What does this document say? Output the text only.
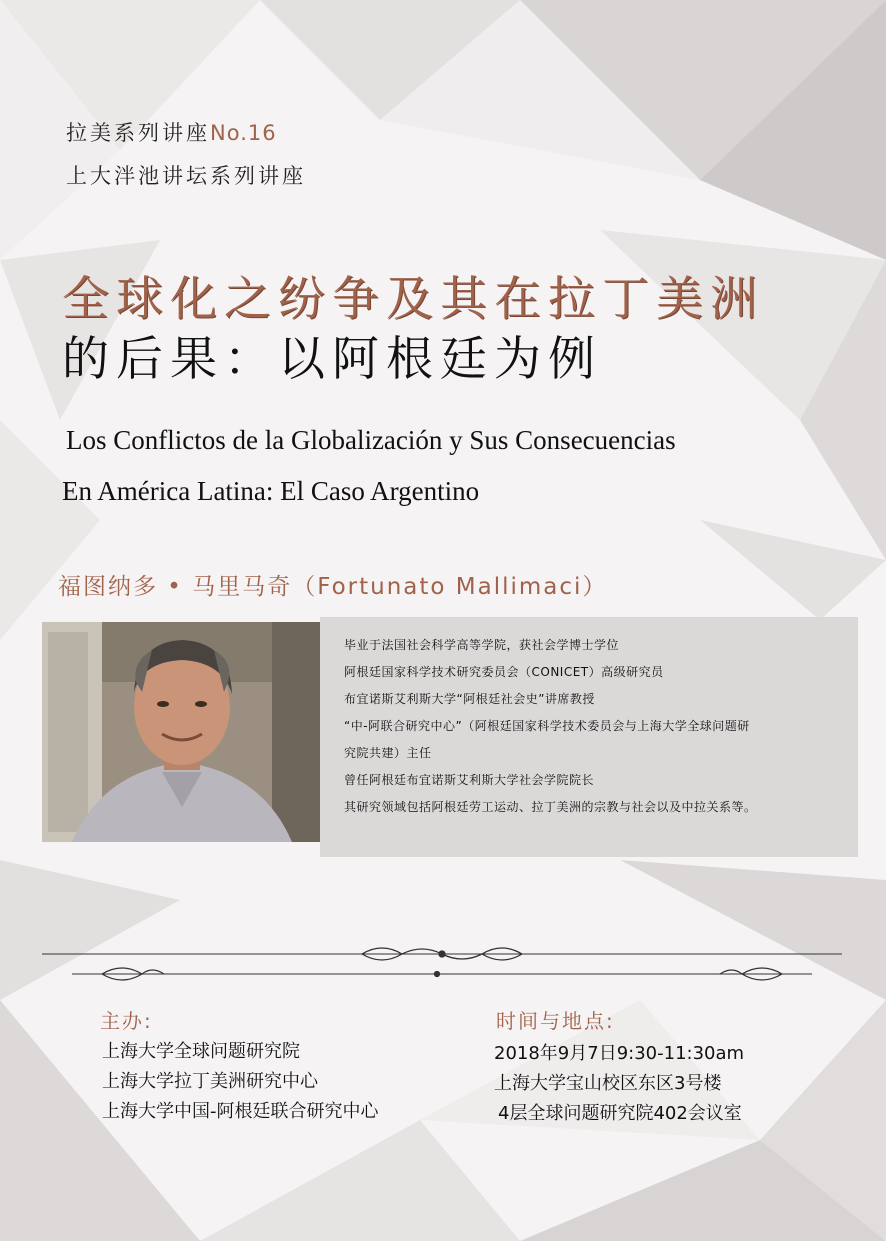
拉美系列讲座No.16
上大泮池讲坛系列讲座
全球化之纷争及其在拉丁美洲
的后果：以阿根廷为例
Los Conflictos de la Globalización y Sus Consecuencias
En América Latina: El Caso Argentino
福图纳多 • 马里马奇（Fortunato Mallimaci）
毕业于法国社会科学高等学院，获社会学博士学位
阿根廷国家科学技术研究委员会（CONICET）高级研究员
布宜诺斯艾利斯大学“阿根廷社会史”讲席教授
“中-阿联合研究中心”（阿根廷国家科学技术委员会与上海大学全球问题研
究院共建）主任
曾任阿根廷布宜诺斯艾利斯大学社会学院院长
其研究领域包括阿根廷劳工运动、拉丁美洲的宗教与社会以及中拉关系等。
主办:
上海大学全球问题研究院
上海大学拉丁美洲研究中心
上海大学中国-阿根廷联合研究中心
时间与地点:
2018年9月7日9:30-11:30am
上海大学宝山校区东区3号楼
4层全球问题研究院402会议室
